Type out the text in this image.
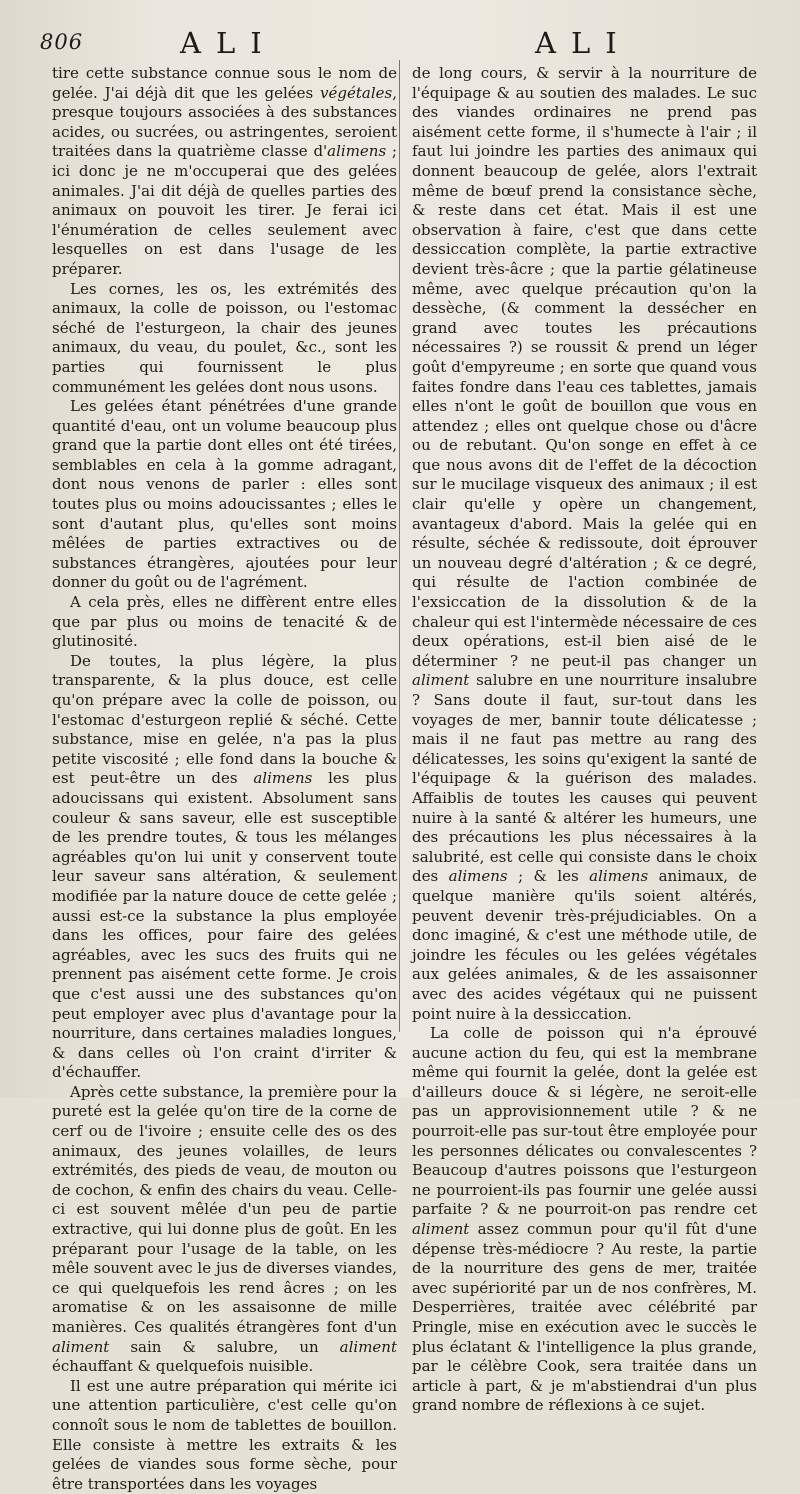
806	ALI	ALI

tire cette substance connue sous le nom de gelée. J'ai déjà dit que les gelées végétales, presque toujours associées à des substances acides, ou sucrées, ou astringentes, seroient traitées dans la quatrième classe d'alimens ; ici donc je ne m'occuperai que des gelées animales. J'ai dit déjà de quelles parties des animaux on pouvoit les tirer. Je ferai ici l'énumération de celles seulement avec lesquelles on est dans l'usage de les préparer.

Les cornes, les os, les extrémités des animaux, la colle de poisson, ou l'estomac séché de l'esturgeon, la chair des jeunes animaux, du veau, du poulet, &c., sont les parties qui fournissent le plus communément les gelées dont nous usons.

Les gelées étant pénétrées d'une grande quantité d'eau, ont un volume beaucoup plus grand que la partie dont elles ont été tirées, semblables en cela à la gomme adragant, dont nous venons de parler : elles sont toutes plus ou moins adoucissantes ; elles le sont d'autant plus, qu'elles sont moins mêlées de parties extractives ou de substances étrangères, ajoutées pour leur donner du goût ou de l'agrément.

A cela près, elles ne diffèrent entre elles que par plus ou moins de tenacité & de glutinosité.

De toutes, la plus légère, la plus transparente, & la plus douce, est celle qu'on prépare avec la colle de poisson, ou l'estomac d'esturgeon replié & séché. Cette substance, mise en gelée, n'a pas la plus petite viscosité ; elle fond dans la bouche & est peut-être un des alimens les plus adoucissans qui existent. Absolument sans couleur & sans saveur, elle est susceptible de les prendre toutes, & tous les mélanges agréables qu'on lui unit y conservent toute leur saveur sans altération, & seulement modifiée par la nature douce de cette gelée ; aussi est-ce la substance la plus employée dans les offices, pour faire des gelées agréables, avec les sucs des fruits qui ne prennent pas aisément cette forme. Je crois que c'est aussi une des substances qu'on peut employer avec plus d'avantage pour la nourriture, dans certaines maladies longues, & dans celles où l'on craint d'irriter & d'échauffer.

Après cette substance, la première pour la pureté est la gelée qu'on tire de la corne de cerf ou de l'ivoire ; ensuite celle des os des animaux, des jeunes volailles, de leurs extrémités, des pieds de veau, de mouton ou de cochon, & enfin des chairs du veau. Celle-ci est souvent mêlée d'un peu de partie extractive, qui lui donne plus de goût. En les préparant pour l'usage de la table, on les mêle souvent avec le jus de diverses viandes, ce qui quelquefois les rend âcres ; on les aromatise & on les assaisonne de mille manières. Ces qualités étrangères font d'un aliment sain & salubre, un aliment échauffant & quelquefois nuisible.

Il est une autre préparation qui mérite ici une attention particulière, c'est celle qu'on connoît sous le nom de tablettes de bouillon. Elle consiste à mettre les extraits & les gelées de viandes sous forme sèche, pour être transportées dans les voyages

de long cours, & servir à la nourriture de l'équipage & au soutien des malades. Le suc des viandes ordinaires ne prend pas aisément cette forme, il s'humecte à l'air ; il faut lui joindre les parties des animaux qui donnent beaucoup de gelée, alors l'extrait même de bœuf prend la consistance sèche, & reste dans cet état. Mais il est une observation à faire, c'est que dans cette dessiccation complète, la partie extractive devient très-âcre ; que la partie gélatineuse même, avec quelque précaution qu'on la dessèche, (& comment la dessécher en grand avec toutes les précautions nécessaires ?) se roussit & prend un léger goût d'empyreume ; en sorte que quand vous faites fondre dans l'eau ces tablettes, jamais elles n'ont le goût de bouillon que vous en attendez ; elles ont quelque chose ou d'âcre ou de rebutant. Qu'on songe en effet à ce que nous avons dit de l'effet de la décoction sur le mucilage visqueux des animaux ; il est clair qu'elle y opère un changement, avantageux d'abord. Mais la gelée qui en résulte, séchée & redissoute, doit éprouver un nouveau degré d'altération ; & ce degré, qui résulte de l'action combinée de l'exsiccation de la dissolution & de la chaleur qui est l'intermède nécessaire de ces deux opérations, est-il bien aisé de le déterminer ? ne peut-il pas changer un aliment salubre en une nourriture insalubre ? Sans doute il faut, sur-tout dans les voyages de mer, bannir toute délicatesse ; mais il ne faut pas mettre au rang des délicatesses, les soins qu'exigent la santé de l'équipage & la guérison des malades. Affaiblis de toutes les causes qui peuvent nuire à la santé & altérer les humeurs, une des précautions les plus nécessaires à la salubrité, est celle qui consiste dans le choix des alimens ; & les alimens animaux, de quelque manière qu'ils soient altérés, peuvent devenir très-préjudiciables. On a donc imaginé, & c'est une méthode utile, de joindre les fécules ou les gelées végétales aux gelées animales, & de les assaisonner avec des acides végétaux qui ne puissent point nuire à la dessiccation.

La colle de poisson qui n'a éprouvé aucune action du feu, qui est la membrane même qui fournit la gelée, dont la gelée est d'ailleurs douce & si légère, ne seroit-elle pas un approvisionnement utile ? & ne pourroit-elle pas sur-tout être employée pour les personnes délicates ou convalescentes ? Beaucoup d'autres poissons que l'esturgeon ne pourroient-ils pas fournir une gelée aussi parfaite ? & ne pourroit-on pas rendre cet aliment assez commun pour qu'il fût d'une dépense très-médiocre ? Au reste, la partie de la nourriture des gens de mer, traitée avec supériorité par un de nos confrères, M. Desperrières, traitée avec célébrité par Pringle, mise en exécution avec le succès le plus éclatant & l'intelligence la plus grande, par le célèbre Cook, sera traitée dans un article à part, & je m'abstiendrai d'un plus grand nombre de réflexions à ce sujet.
